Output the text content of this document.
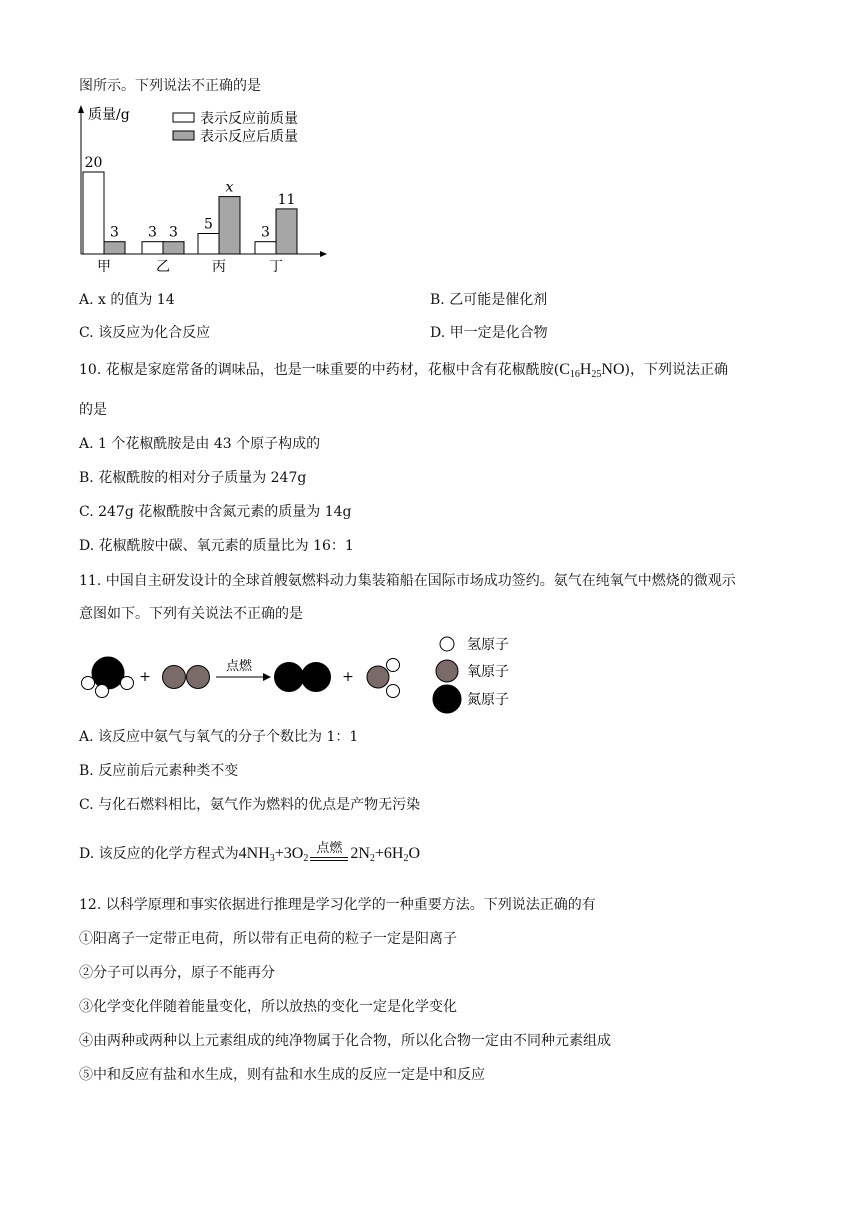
图所示。下列说法不正确的是
质量/g	表示反应前质量
表示反应后质量
20
3
甲
3 3
乙
5
x
丙
3
11
丁
A. x 的值为 14	B. 乙可能是催化剂
C. 该反应为化合反应	D. 甲一定是化合物
10. 花椒是家庭常备的调味品，也是一味重要的中药材，花椒中含有花椒酰胺$(C_{16}H_{25}NO)$，下列说法正确
的是
A. 1 个花椒酰胺是由 43 个原子构成的
B. 花椒酰胺的相对分子质量为 247g
C. 247g 花椒酰胺中含氮元素的质量为 14g
D. 花椒酰胺中碳、氧元素的质量比为 16：1
11. 中国自主研发设计的全球首艘氨燃料动力集装箱船在国际市场成功签约。氨气在纯氧气中燃烧的微观示
意图如下。下列有关说法不正确的是
+
点燃
+
氢原子
氧原子
氮原子
A. 该反应中氨气与氧气的分子个数比为 1：1
B. 反应前后元素种类不变
C. 与化石燃料相比，氨气作为燃料的优点是产物无污染
D. 该反应的化学方程式为$4NH_3+3O_2$
点燃 $2N_2+6H_2O$
12. 以科学原理和事实依据进行推理是学习化学的一种重要方法。下列说法正确的有
①阳离子一定带正电荷，所以带有正电荷的粒子一定是阳离子
②分子可以再分，原子不能再分
③化学变化伴随着能量变化，所以放热的变化一定是化学变化
④由两种或两种以上元素组成的纯净物属于化合物，所以化合物一定由不同种元素组成
⑤中和反应有盐和水生成，则有盐和水生成的反应一定是中和反应
